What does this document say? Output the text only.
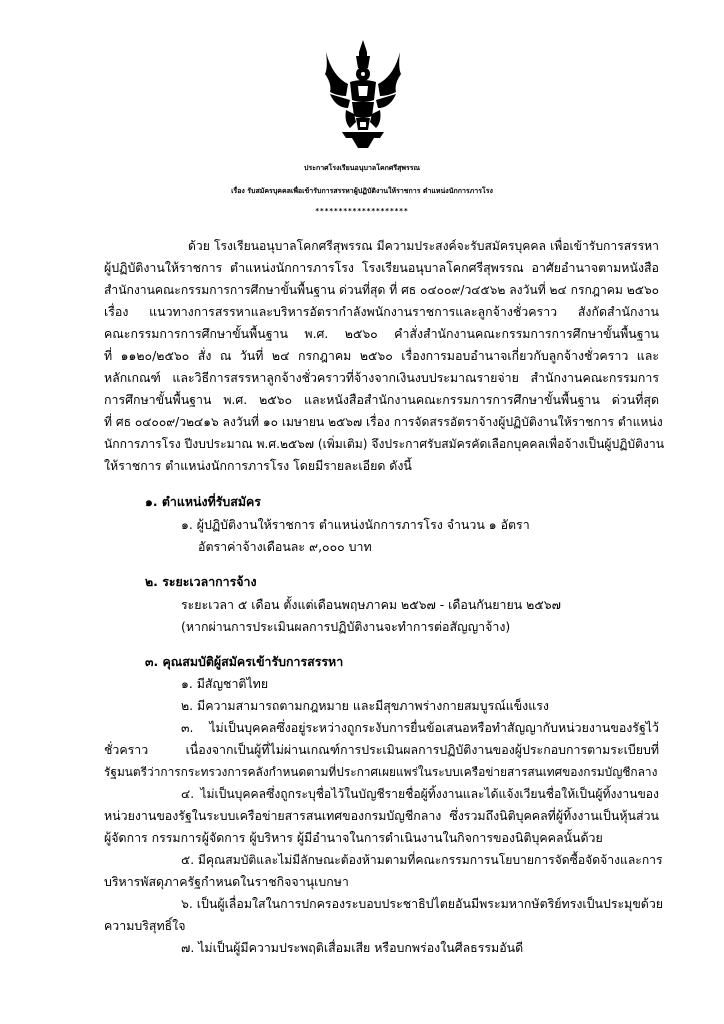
ประกาศโรงเรียนอนุบาลโคกศรีสุพรรณ
เรื่อง รับสมัครบุคคลเพื่อเข้ารับการสรรหาผู้ปฏิบัติงานให้ราชการ ตำแหน่งนักการภารโรง
********************
ด้วย โรงเรียนอนุบาลโคกศรีสุพรรณ มีความประสงค์จะรับสมัครบุคคล เพื่อเข้ารับการสรรหา
ผู้ปฏิบัติงานให้ราชการ ตำแหน่งนักการภารโรง โรงเรียนอนุบาลโคกศรีสุพรรณ อาศัยอำนาจตามหนังสือ
สำนักงานคณะกรรมการการศึกษาขั้นพื้นฐาน ด่วนที่สุด ที่ ศธ ๐๔๐๐๙/ว๔๕๖๒ ลงวันที่ ๒๔ กรกฎาคม ๒๕๖๐
เรื่อง แนวทางการสรรหาและบริหารอัตรากำลังพนักงานราชการและลูกจ้างชั่วคราว สังกัดสำนักงาน
คณะกรรมการการศึกษาขั้นพื้นฐาน พ.ศ. ๒๕๖๐ คำสั่งสำนักงานคณะกรรมการการศึกษาขั้นพื้นฐาน
ที่ ๑๑๒๐/๒๕๖๐ สั่ง ณ วันที่ ๒๔ กรกฎาคม ๒๕๖๐ เรื่องการมอบอำนาจเกี่ยวกับลูกจ้างชั่วคราว และ
หลักเกณฑ์ และวิธีการสรรหาลูกจ้างชั่วคราวที่จ้างจากเงินงบประมาณรายจ่าย สำนักงานคณะกรรมการ
การศึกษาขั้นพื้นฐาน พ.ศ. ๒๕๖๐ และหนังสือสำนักงานคณะกรรมการการศึกษาขั้นพื้นฐาน ด่วนที่สุด
ที่ ศธ ๐๔๐๐๙/ว๒๔๑๖ ลงวันที่ ๑๐ เมษายน ๒๕๖๗ เรื่อง การจัดสรรอัตราจ้างผู้ปฏิบัติงานให้ราชการ ตำแหน่ง
นักการภารโรง ปีงบประมาณ พ.ศ.๒๕๖๗ (เพิ่มเติม) จึงประกาศรับสมัครคัดเลือกบุคคลเพื่อจ้างเป็นผู้ปฏิบัติงาน
ให้ราชการ ตำแหน่งนักการภารโรง โดยมีรายละเอียด ดังนี้
๑. ตำแหน่งที่รับสมัคร
๑. ผู้ปฏิบัติงานให้ราชการ ตำแหน่งนักการภารโรง จำนวน ๑ อัตรา
อัตราค่าจ้างเดือนละ ๙,๐๐๐ บาท
๒. ระยะเวลาการจ้าง
ระยะเวลา ๕ เดือน ตั้งแต่เดือนพฤษภาคม ๒๕๖๗ - เดือนกันยายน ๒๕๖๗
(หากผ่านการประเมินผลการปฏิบัติงานจะทำการต่อสัญญาจ้าง)
๓. คุณสมบัติผู้สมัครเข้ารับการสรรหา
๑. มีสัญชาติไทย
๒. มีความสามารถตามกฎหมาย และมีสุขภาพร่างกายสมบูรณ์แข็งแรง
๓. ไม่เป็นบุคคลซึ่งอยู่ระหว่างถูกระงับการยื่นข้อเสนอหรือทำสัญญากับหน่วยงานของรัฐไว้
ชั่วคราว เนื่องจากเป็นผู้ที่ไม่ผ่านเกณฑ์การประเมินผลการปฏิบัติงานของผู้ประกอบการตามระเบียบที่
รัฐมนตรีว่าการกระทรวงการคลังกำหนดตามที่ประกาศเผยแพร่ในระบบเครือข่ายสารสนเทศของกรมบัญชีกลาง
๔. ไม่เป็นบุคคลซึ่งถูกระบุชื่อไว้ในบัญชีรายชื่อผู้ทิ้งงานและได้แจ้งเวียนชื่อให้เป็นผู้ทิ้งงานของ
หน่วยงานของรัฐในระบบเครือข่ายสารสนเทศของกรมบัญชีกลาง ซึ่งรวมถึงนิติบุคคลที่ผู้ทิ้งงานเป็นหุ้นส่วน
ผู้จัดการ กรรมการผู้จัดการ ผู้บริหาร ผู้มีอำนาจในการดำเนินงานในกิจการของนิติบุคคลนั้นด้วย
๕. มีคุณสมบัติและไม่มีลักษณะต้องห้ามตามที่คณะกรรมการนโยบายการจัดซื้อจัดจ้างและการ
บริหารพัสดุภาครัฐกำหนดในราชกิจจานุเบกษา
๖. เป็นผู้เลื่อมใสในการปกครองระบอบประชาธิปไตยอันมีพระมหากษัตริย์ทรงเป็นประมุขด้วย
ความบริสุทธิ์ใจ
๗. ไม่เป็นผู้มีความประพฤติเสื่อมเสีย หรือบกพร่องในศีลธรรมอันดี
